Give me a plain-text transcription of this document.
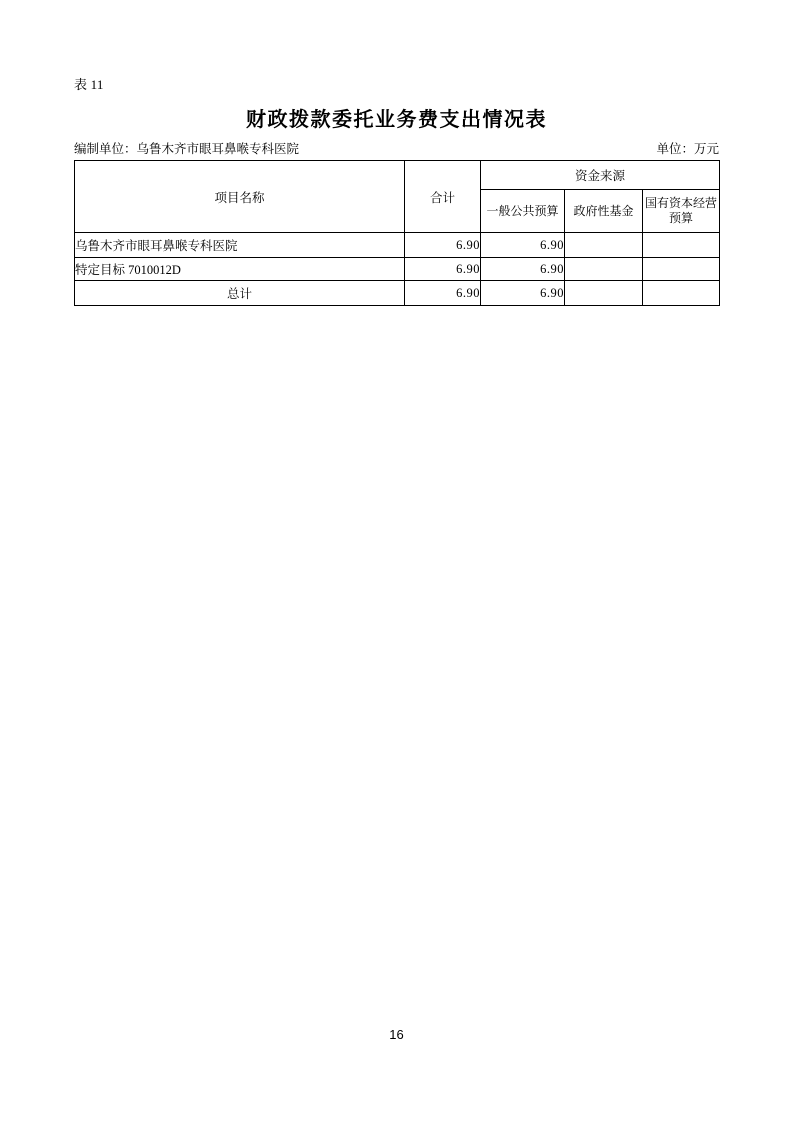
表 11
财政拨款委托业务费支出情况表
编制单位：乌鲁木齐市眼耳鼻喉专科医院	单位：万元
项目名称	合计	资金来源		
		一般公共预算	政府性基金	国有资本经营预算
乌鲁木齐市眼耳鼻喉专科医院	6.90	6.90		
特定目标 7010012D	6.90	6.90		
总计	6.90	6.90		
16
